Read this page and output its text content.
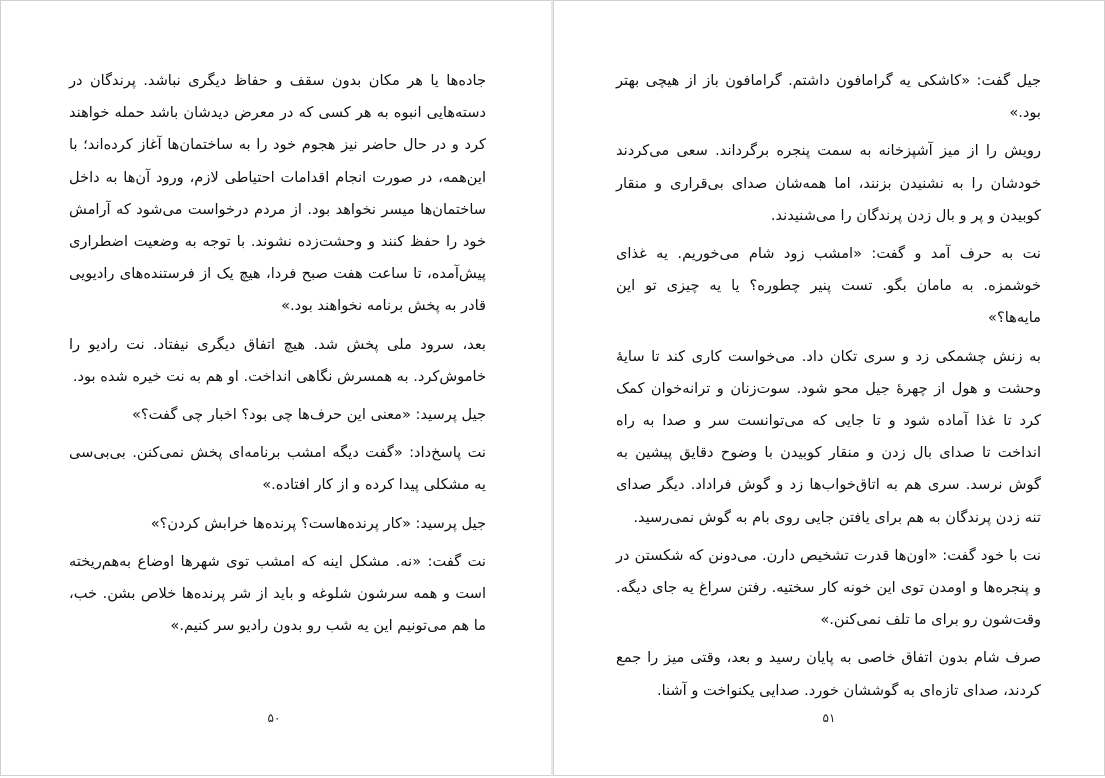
جاده‌ها یا هر مکان بدون سقف و حفاظ دیگری نباشد. پرندگان در دسته‌هایی انبوه به هر کسی که در معرض دیدشان باشد حمله خواهند کرد و در حال حاضر نیز هجوم خود را به ساختمان‌ها آغاز کرده‌اند؛ با این‌همه، در صورت انجام اقدامات احتیاطی لازم، ورود آن‌ها به داخل ساختمان‌ها میسر نخواهد بود. از مردم درخواست می‌شود که آرامش خود را حفظ کنند و وحشت‌زده نشوند. با توجه به وضعیت اضطراری پیش‌آمده، تا ساعت هفت صبح فردا، هیچ یک از فرستنده‌های رادیویی قادر به پخش برنامه نخواهند بود.»

بعد، سرود ملی پخش شد. هیچ اتفاق دیگری نیفتاد. نت رادیو را خاموش‌کرد. به همسرش نگاهی انداخت. او هم به نت خیره شده بود.

جیل پرسید: «معنی این حرف‌ها چی بود؟ اخبار چی گفت؟»

نت پاسخ‌داد: «گفت دیگه امشب برنامه‌ای پخش نمی‌کنن. بی‌بی‌سی یه مشکلی پیدا کرده و از کار افتاده.»

جیل پرسید: «کار پرنده‌هاست؟ پرنده‌ها خرابش کردن؟»

نت گفت: «نه. مشکل اینه که امشب توی شهرها اوضاع به‌هم‌ریخته است و همه سرشون شلوغه و باید از شر پرنده‌ها خلاص بشن. خب، ما هم می‌تونیم این یه شب رو بدون رادیو سر کنیم.»

۵۰

جیل گفت: «کاشکی یه گرامافون داشتم. گرامافون باز از هیچی بهتر بود.»

رویش را از میز آشپزخانه به سمت پنجره برگرداند. سعی می‌کردند خودشان را به نشنیدن بزنند، اما همه‌شان صدای بی‌قراری و منقار کوبیدن و پر و بال زدن پرندگان را می‌شنیدند.

نت به حرف آمد و گفت: «امشب زود شام می‌خوریم. یه غذای خوشمزه. به مامان بگو. تست پنیر چطوره؟ یا یه چیزی تو این مایه‌ها؟»

به زنش چشمکی زد و سری تکان داد. می‌خواست کاری کند تا سایهٔ وحشت و هول از چهرهٔ جیل محو شود. سوت‌زنان و ترانه‌خوان کمک کرد تا غذا آماده شود و تا جایی که می‌توانست سر و صدا به راه انداخت تا صدای بال زدن و منقار کوبیدن با وضوح دقایق پیشین به گوش نرسد. سری هم به اتاق‌خواب‌ها زد و گوش فراداد. دیگر صدای تنه زدن پرندگان به هم برای یافتن جایی روی بام به گوش نمی‌رسید.

نت با خود گفت: «اون‌ها قدرت تشخیص دارن. می‌دونن که شکستن در و پنجره‌ها و اومدن توی این خونه کار سختیه. رفتن سراغ یه جای دیگه. وقت‌شون رو برای ما تلف نمی‌کنن.»

صرف شام بدون اتفاق خاصی به پایان رسید و بعد، وقتی میز را جمع کردند، صدای تازه‌ای به گوششان خورد. صدایی یکنواخت و آشنا.

۵۱
